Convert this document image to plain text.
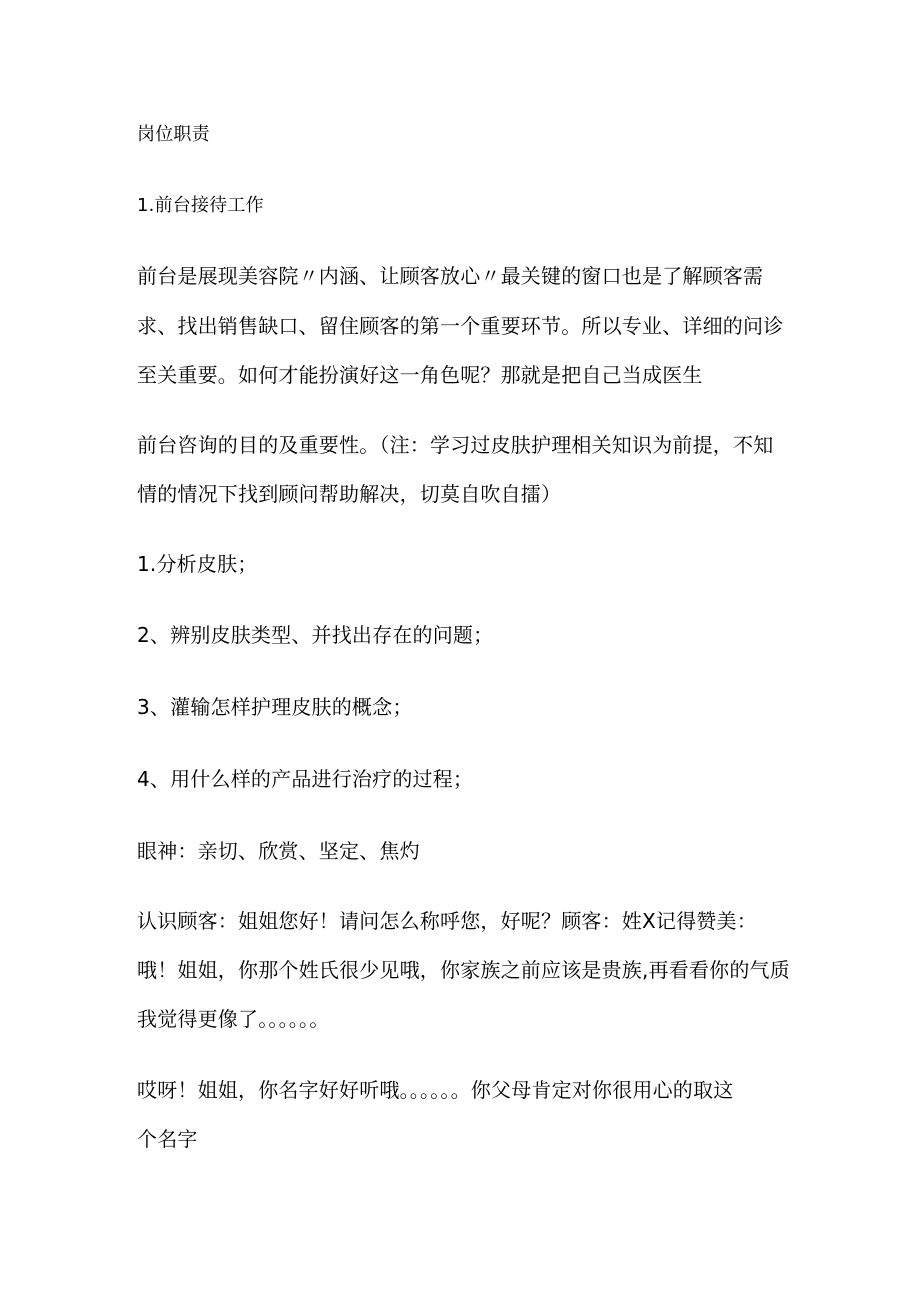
岗位职责
1.前台接待工作
前台是展现美容院〃内涵、让顾客放心〃最关键的窗口也是了解顾客需
求、找出销售缺口、留住顾客的第一个重要环节。所以专业、详细的问诊
至关重要。如何才能扮演好这一角色呢？那就是把自己当成医生
前台咨询的目的及重要性。（注：学习过皮肤护理相关知识为前提，不知
情的情况下找到顾问帮助解决，切莫自吹自擂）
1.分析皮肤；
2、辨别皮肤类型、并找出存在的问题；
3、灌输怎样护理皮肤的概念；
4、用什么样的产品进行治疗的过程；
眼神：亲切、欣赏、坚定、焦灼
认识顾客：姐姐您好！请问怎么称呼您，好呢？顾客：姓X记得赞美：
哦！姐姐，你那个姓氏很少见哦，你家族之前应该是贵族,再看看你的气质
我觉得更像了。。。。。。
哎呀！姐姐，你名字好好听哦。。。。。。你父母肯定对你很用心的取这
个名字
